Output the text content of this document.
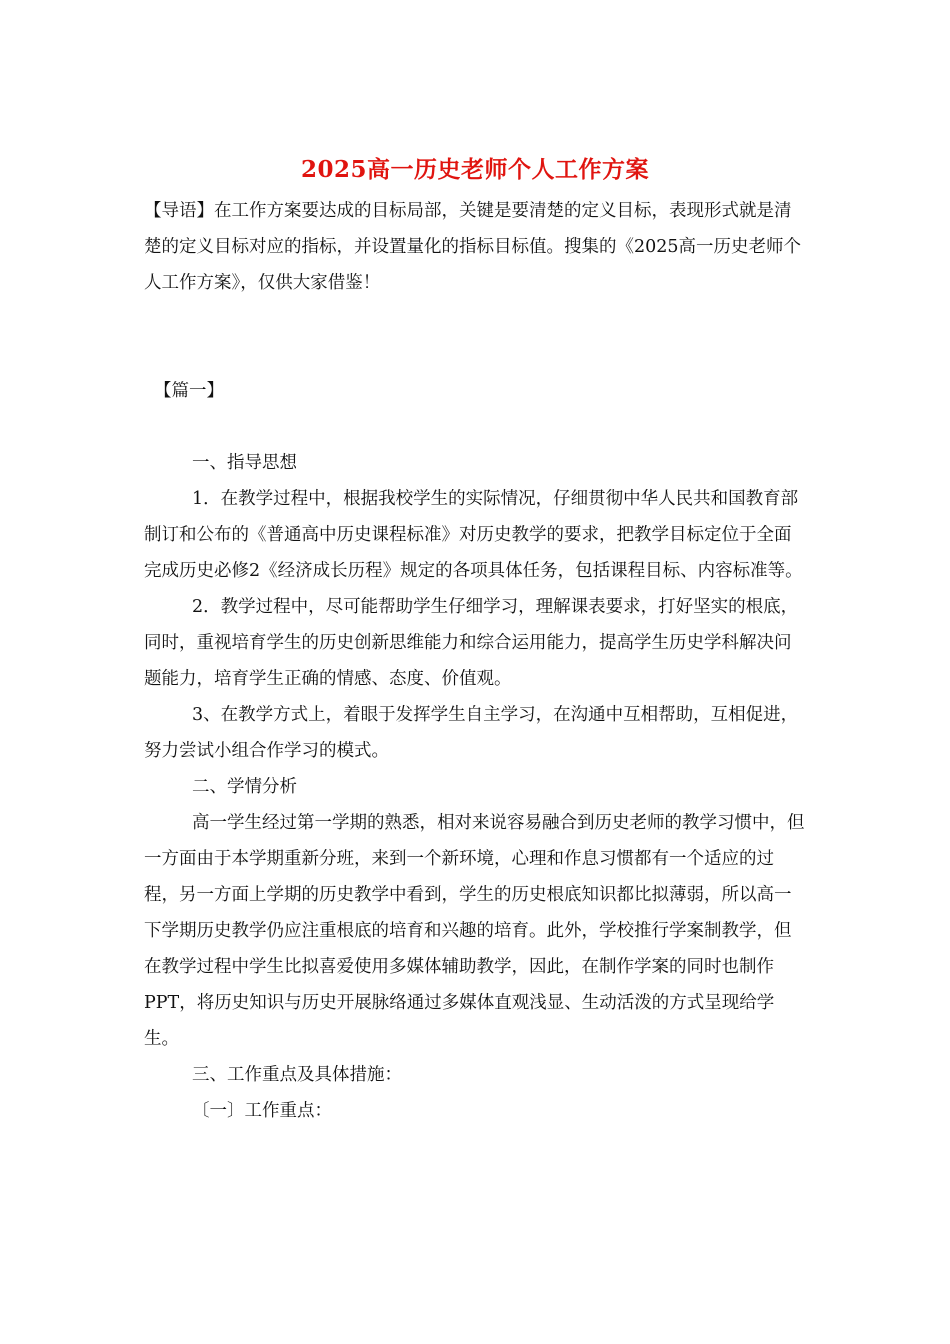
2025高一历史老师个人工作方案

【导语】在工作方案要达成的目标局部，关键是要清楚的定义目标，表现形式就是清楚的定义目标对应的指标，并设置量化的指标目标值。搜集的《2025高一历史老师个人工作方案》，仅供大家借鉴！

【篇一】

一、指导思想

1．在教学过程中，根据我校学生的实际情况，仔细贯彻中华人民共和国教育部制订和公布的《普通高中历史课程标准》对历史教学的要求，把教学目标定位于全面完成历史必修2《经济成长历程》规定的各项具体任务，包括课程目标、内容标准等。

2．教学过程中，尽可能帮助学生仔细学习，理解课表要求，打好坚实的根底，同时，重视培育学生的历史创新思维能力和综合运用能力，提高学生历史学科解决问题能力，培育学生正确的情感、态度、价值观。

3、在教学方式上，着眼于发挥学生自主学习，在沟通中互相帮助，互相促进，努力尝试小组合作学习的模式。

二、学情分析

高一学生经过第一学期的熟悉，相对来说容易融合到历史老师的教学习惯中，但一方面由于本学期重新分班，来到一个新环境，心理和作息习惯都有一个适应的过程，另一方面上学期的历史教学中看到，学生的历史根底知识都比拟薄弱，所以高一下学期历史教学仍应注重根底的培育和兴趣的培育。此外，学校推行学案制教学，但在教学过程中学生比拟喜爱使用多媒体辅助教学，因此，在制作学案的同时也制作PPT，将历史知识与历史开展脉络通过多媒体直观浅显、生动活泼的方式呈现给学生。

三、工作重点及具体措施：

〔一〕工作重点：
